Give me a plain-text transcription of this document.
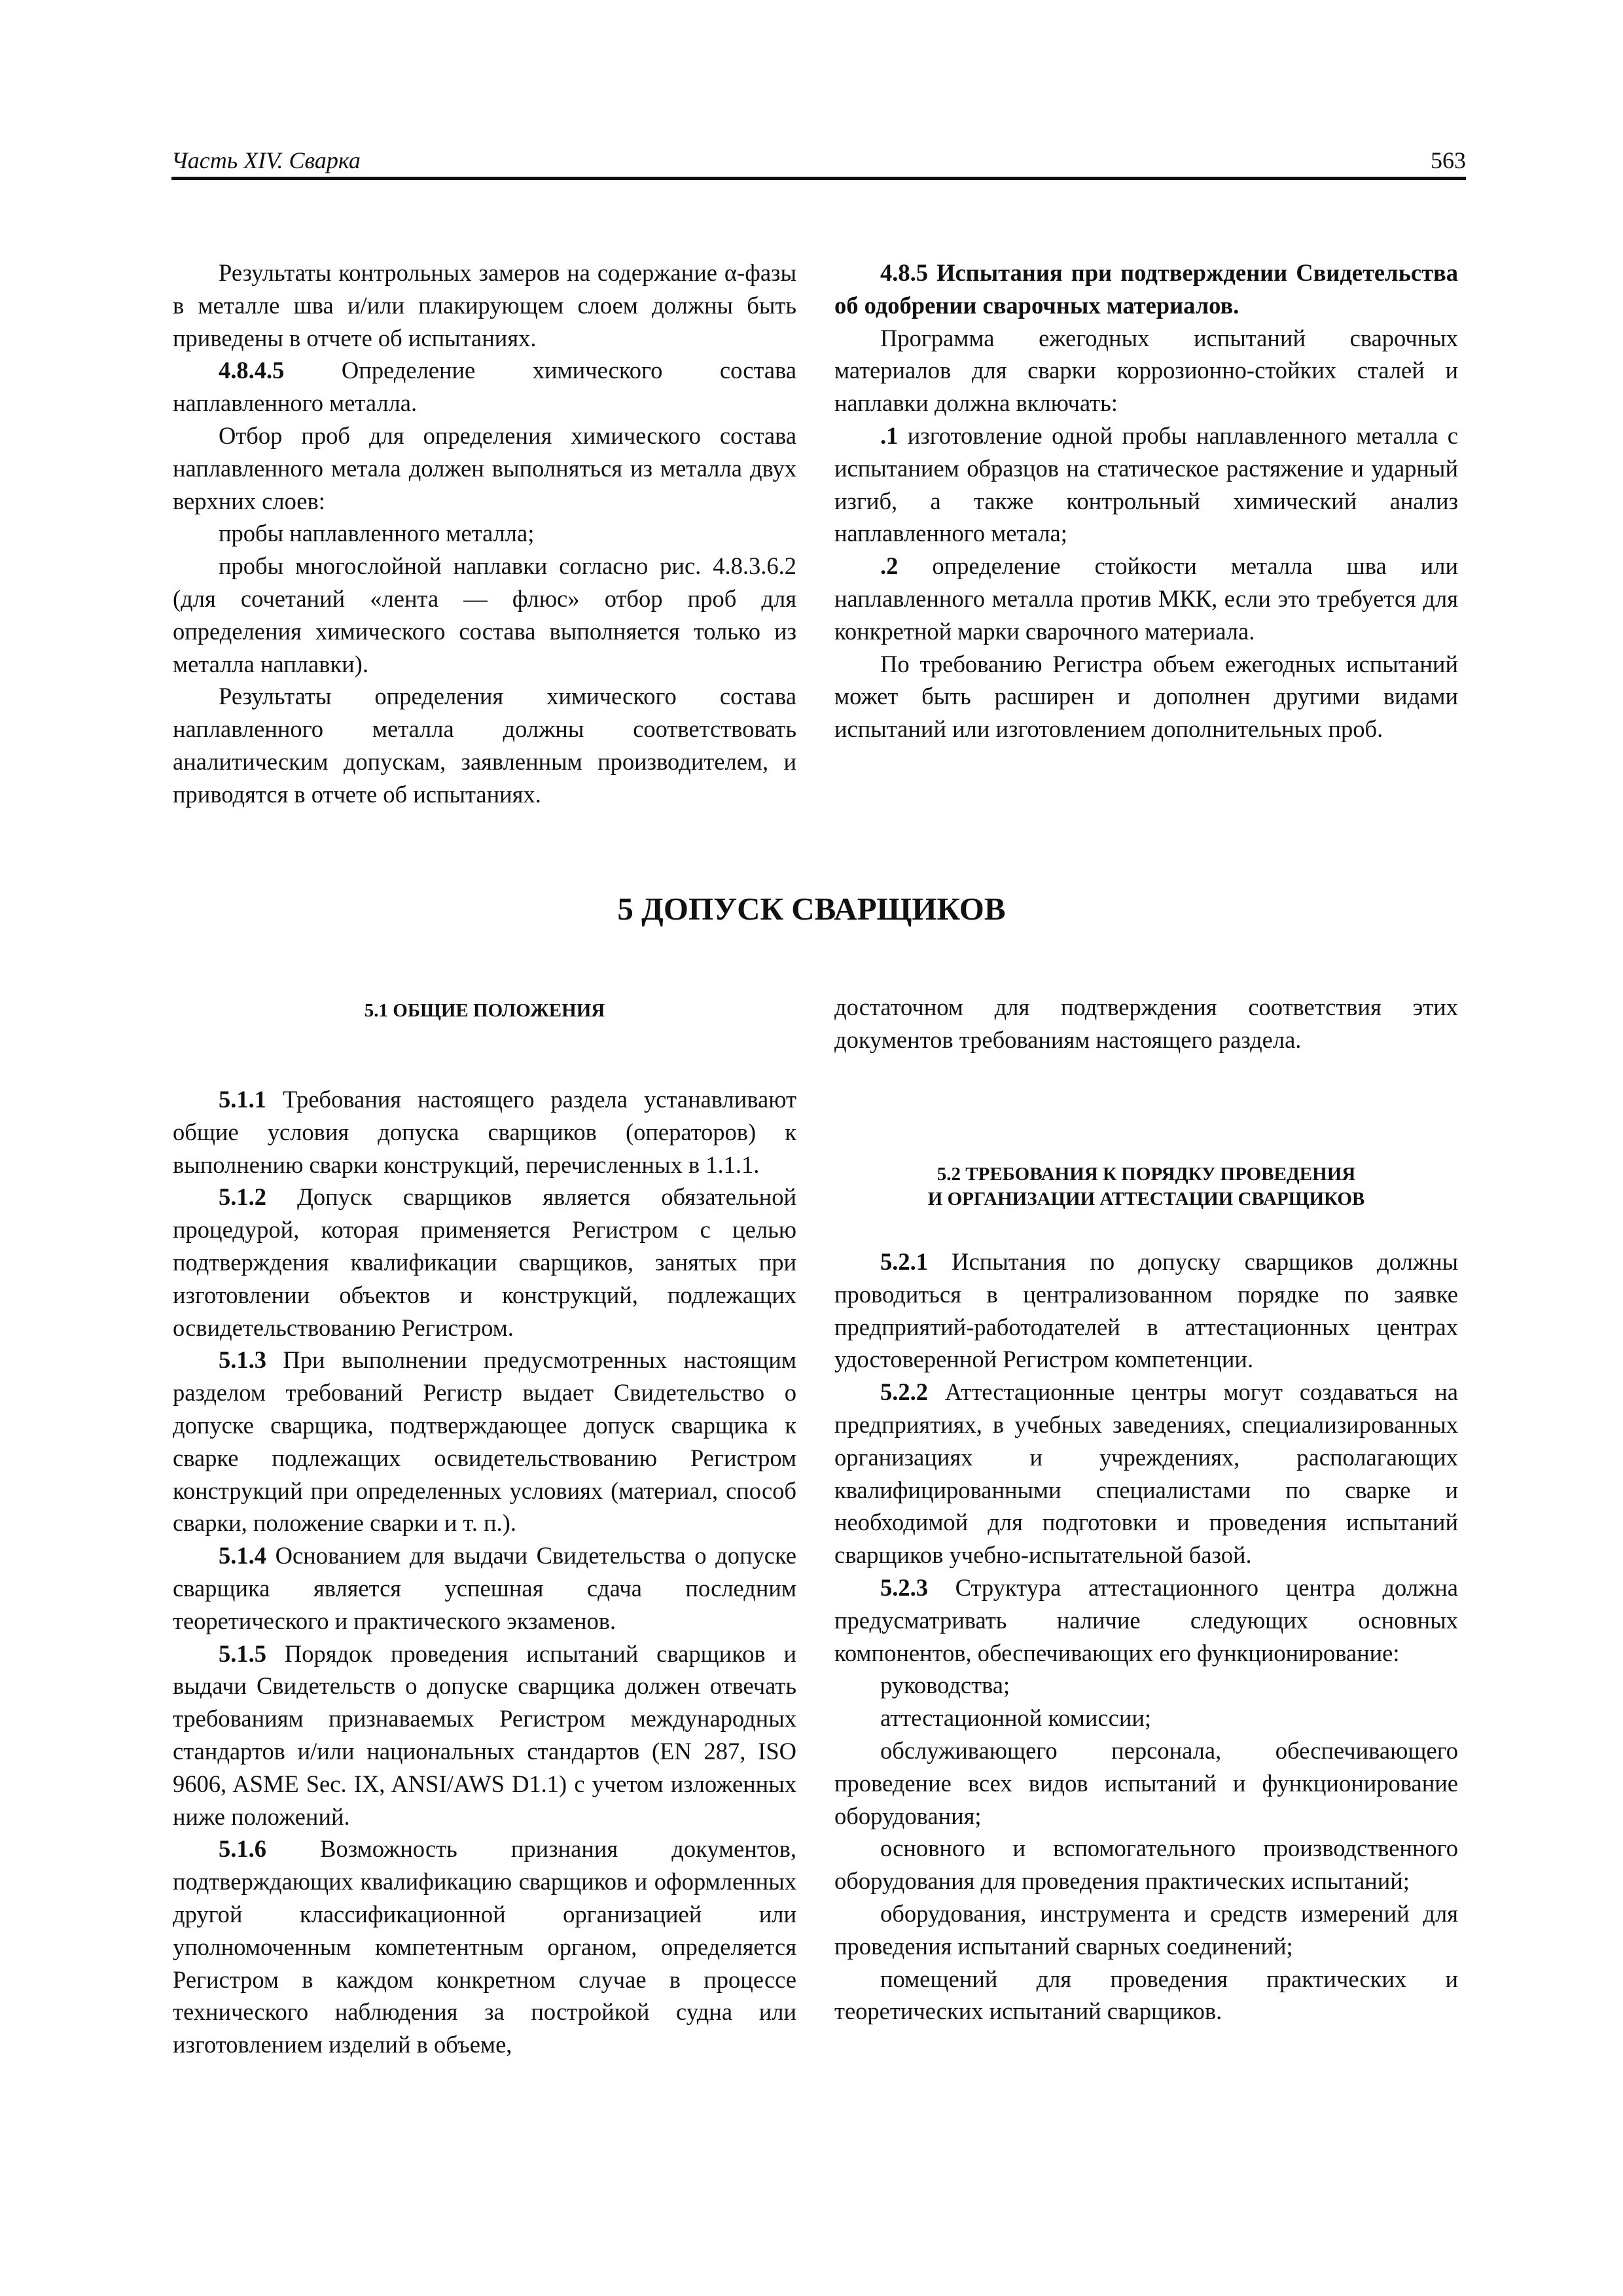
Часть XIV. Сварка	563

Результаты контрольных замеров на содержание α-фазы в металле шва и/или плакирующем слоем должны быть приведены в отчете об испытаниях.

4.8.4.5 Определение химического состава наплавленного металла.

Отбор проб для определения химического состава наплавленного метала должен выполняться из металла двух верхних слоев:

пробы наплавленного металла;

пробы многослойной наплавки согласно рис. 4.8.3.6.2 (для сочетаний «лента — флюс» отбор проб для определения химического состава выполняется только из металла наплавки).

Результаты определения химического состава наплавленного металла должны соответствовать аналитическим допускам, заявленным производителем, и приводятся в отчете об испытаниях.

4.8.5 Испытания при подтверждении Свидетельства об одобрении сварочных материалов.

Программа ежегодных испытаний сварочных материалов для сварки коррозионно-стойких сталей и наплавки должна включать:

.1 изготовление одной пробы наплавленного металла с испытанием образцов на статическое растяжение и ударный изгиб, а также контрольный химический анализ наплавленного метала;

.2 определение стойкости металла шва или наплавленного металла против МКК, если это требуется для конкретной марки сварочного материала.

По требованию Регистра объем ежегодных испытаний может быть расширен и дополнен другими видами испытаний или изготовлением дополнительных проб.

5 ДОПУСК СВАРЩИКОВ
5.1 ОБЩИЕ ПОЛОЖЕНИЯ	достаточном для подтверждения соответствия этих документов требованиям настоящего раздела.

5.2 ТРЕБОВАНИЯ К ПОРЯДКУ ПРОВЕДЕНИЯ
И ОРГАНИЗАЦИИ АТТЕСТАЦИИ СВАРЩИКОВ

5.1.1 Требования настоящего раздела устанавливают общие условия допуска сварщиков (операторов) к выполнению сварки конструкций, перечисленных в 1.1.1.

5.1.2 Допуск сварщиков является обязательной процедурой, которая применяется Регистром с целью подтверждения квалификации сварщиков, занятых при изготовлении объектов и конструкций, подлежащих освидетельствованию Регистром.

5.1.3 При выполнении предусмотренных настоящим разделом требований Регистр выдает Свидетельство о допуске сварщика, подтверждающее допуск сварщика к сварке подлежащих освидетельствованию Регистром конструкций при определенных условиях (материал, способ сварки, положение сварки и т. п.).

5.1.4 Основанием для выдачи Свидетельства о допуске сварщика является успешная сдача последним теоретического и практического экзаменов.

5.1.5 Порядок проведения испытаний сварщиков и выдачи Свидетельств о допуске сварщика должен отвечать требованиям признаваемых Регистром международных стандартов и/или национальных стандартов (EN 287, ISO 9606, ASME Sec. IX, ANSI/AWS D1.1) с учетом изложенных ниже положений.

5.1.6 Возможность признания документов, подтверждающих квалификацию сварщиков и оформленных другой классификационной организацией или уполномоченным компетентным органом, определяется Регистром в каждом конкретном случае в процессе технического наблюдения за постройкой судна или изготовлением изделий в объеме,

5.2.1 Испытания по допуску сварщиков должны проводиться в централизованном порядке по заявке предприятий-работодателей в аттестационных центрах удостоверенной Регистром компетенции.

5.2.2 Аттестационные центры могут создаваться на предприятиях, в учебных заведениях, специализированных организациях и учреждениях, располагающих квалифицированными специалистами по сварке и необходимой для подготовки и проведения испытаний сварщиков учебно-испытательной базой.

5.2.3 Структура аттестационного центра должна предусматривать наличие следующих основных компонентов, обеспечивающих его функционирование:

руководства;

аттестационной комиссии;

обслуживающего персонала, обеспечивающего проведение всех видов испытаний и функционирование оборудования;

основного и вспомогательного производственного оборудования для проведения практических испытаний;

оборудования, инструмента и средств измерений для проведения испытаний сварных соединений;

помещений для проведения практических и теоретических испытаний сварщиков.
